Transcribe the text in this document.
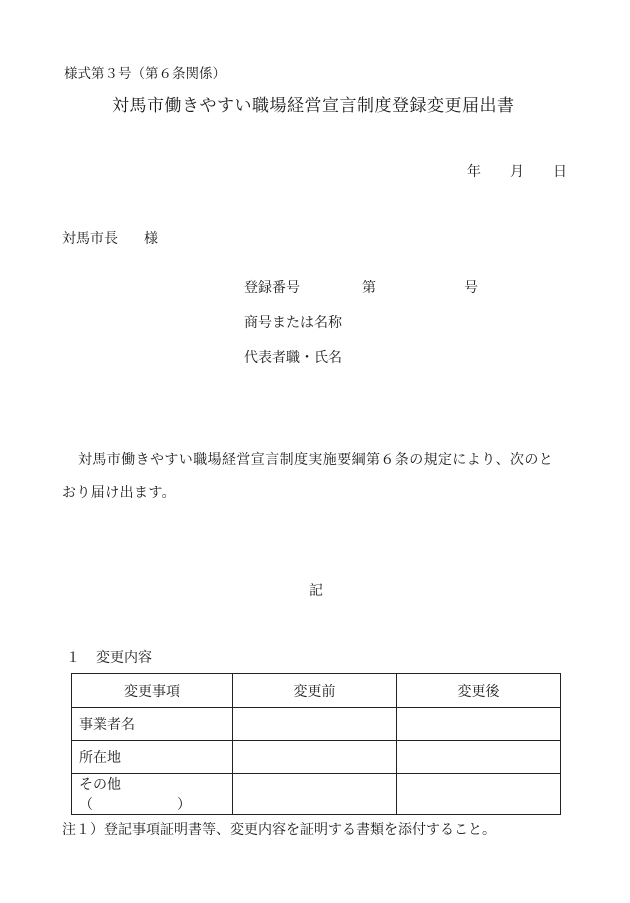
様式第３号（第６条関係）
対馬市働きやすい職場経営宣言制度登録変更届出書
年 月 日
対馬市長 様
登録番号	第	号
商号または名称
代表者職・氏名
対馬市働きやすい職場経営宣言制度実施要綱第６条の規定により、次のと
おり届け出ます。
記
１ 変更内容
変更事項	変更前	変更後
事業者名		
所在地		
その他（ ）		
注１）登記事項証明書等、変更内容を証明する書類を添付すること。
